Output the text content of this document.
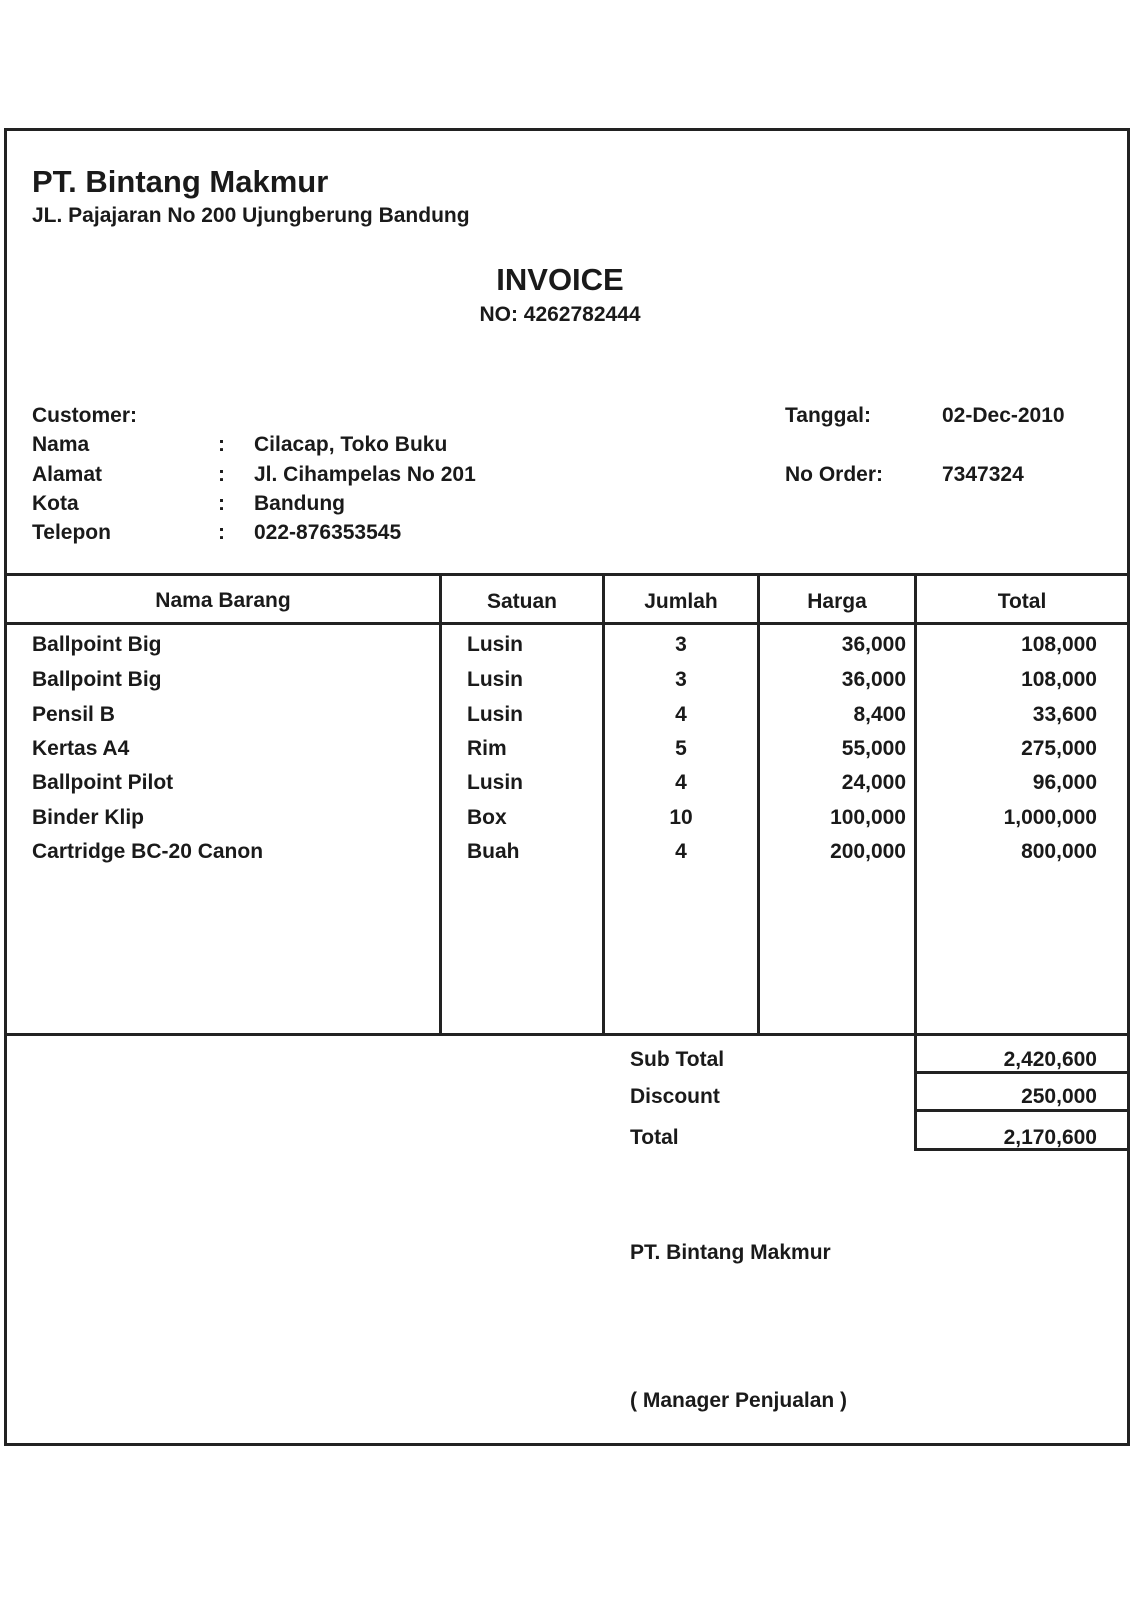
PT. Bintang Makmur
JL. Pajajaran No 200 Ujungberung Bandung
INVOICE
NO: 4262782444
Customer:
Nama	: Cilacap, Toko Buku
Alamat	: Jl. Cihampelas No 201
Kota	: Bandung
Telepon	: 022-876353545
Tanggal:	02-Dec-2010
No Order:	7347324
Nama Barang	Satuan	Jumlah	Harga	Total
Ballpoint Big	Lusin	3	36,000	108,000
Ballpoint Big	Lusin	3	36,000	108,000
Pensil B	Lusin	4	8,400	33,600
Kertas A4	Rim	5	55,000	275,000
Ballpoint Pilot	Lusin	4	24,000	96,000
Binder Klip	Box	10	100,000	1,000,000
Cartridge BC-20 Canon	Buah	4	200,000	800,000
Sub Total	2,420,600
Discount	250,000
Total	2,170,600
PT. Bintang Makmur
( Manager Penjualan )
